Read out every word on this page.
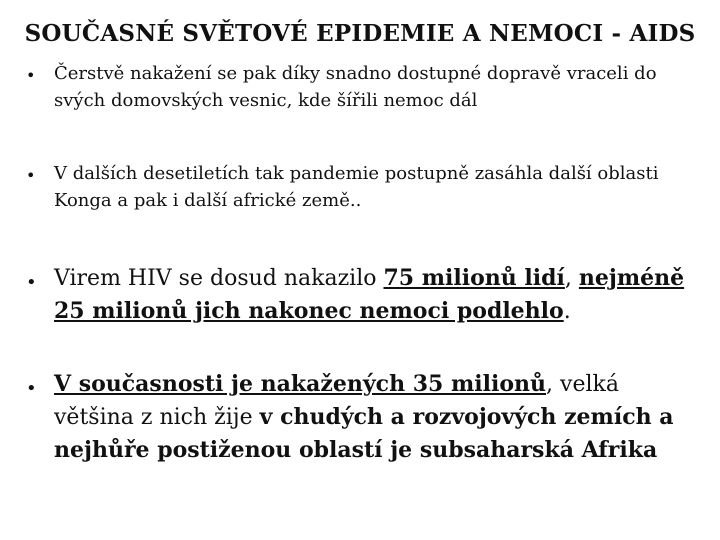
SOUČASNÉ SVĚTOVÉ EPIDEMIE A NEMOCI - AIDS
• Čerstvě nakažení se pak díky snadno dostupné dopravě vraceli do svých domovských vesnic, kde šířili nemoc dál
• V dalších desetiletích tak pandemie postupně zasáhla další oblasti Konga a pak i další africké země..
• Virem HIV se dosud nakazilo 75 milionů lidí, nejméně 25 milionů jich nakonec nemoci podlehlo.
• V současnosti je nakažených 35 milionů, velká většina z nich žije v chudých a rozvojových zemích a nejhůře postiženou oblastí je subsaharská Afrika
